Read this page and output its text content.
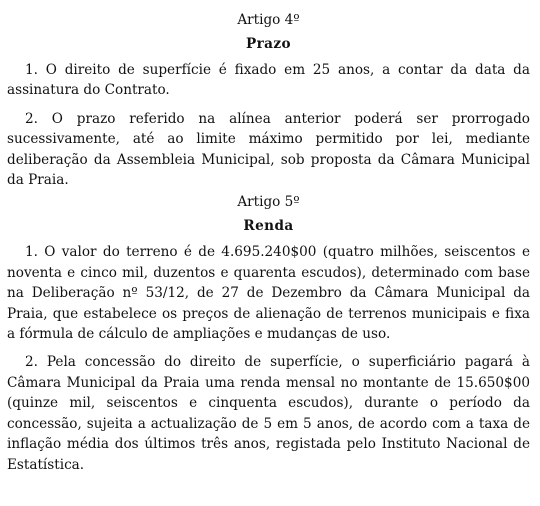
Artigo 4º
Prazo

1. O direito de superfície é fixado em 25 anos, a contar da data da assinatura do Contrato.

2. O prazo referido na alínea anterior poderá ser prorrogado sucessivamente, até ao limite máximo permitido por lei, mediante deliberação da Assembleia Municipal, sob proposta da Câmara Municipal da Praia.

Artigo 5º
Renda

1. O valor do terreno é de 4.695.240$00 (quatro milhões, seiscentos e noventa e cinco mil, duzentos e quarenta escudos), determinado com base na Deliberação nº 53/12, de 27 de Dezembro da Câmara Municipal da Praia, que estabelece os preços de alienação de terrenos municipais e fixa a fórmula de cálculo de ampliações e mudanças de uso.

2. Pela concessão do direito de superfície, o superficiário pagará à Câmara Municipal da Praia uma renda mensal no montante de 15.650$00 (quinze mil, seiscentos e cinquenta escudos), durante o período da concessão, sujeita a actualização de 5 em 5 anos, de acordo com a taxa de inflação média dos últimos três anos, registada pelo Instituto Nacional de Estatística.
